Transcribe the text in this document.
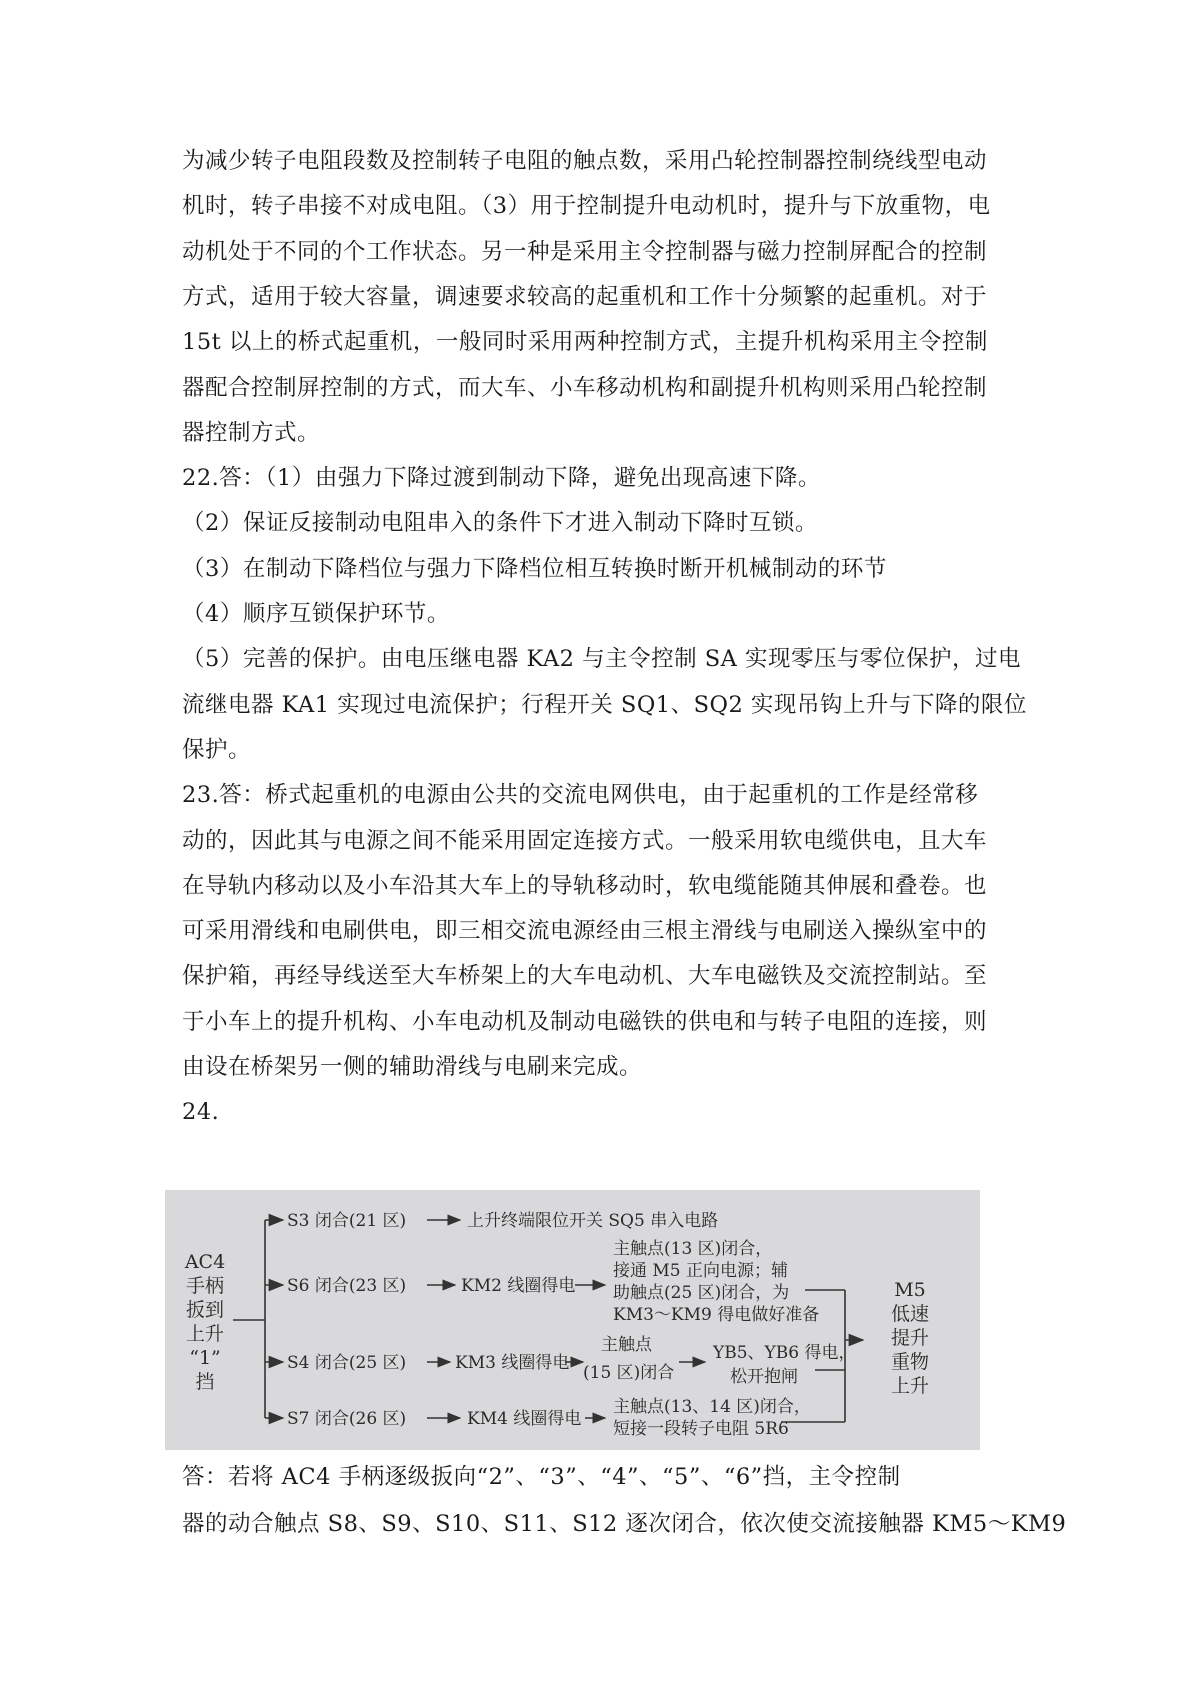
为减少转子电阻段数及控制转子电阻的触点数，采用凸轮控制器控制绕线型电动
机时，转子串接不对成电阻。（3）用于控制提升电动机时，提升与下放重物，电
动机处于不同的个工作状态。另一种是采用主令控制器与磁力控制屏配合的控制
方式，适用于较大容量，调速要求较高的起重机和工作十分频繁的起重机。对于
15t 以上的桥式起重机，一般同时采用两种控制方式，主提升机构采用主令控制
器配合控制屏控制的方式，而大车、小车移动机构和副提升机构则采用凸轮控制
器控制方式。
22.答：（1）由强力下降过渡到制动下降，避免出现高速下降。
（2）保证反接制动电阻串入的条件下才进入制动下降时互锁。
（3）在制动下降档位与强力下降档位相互转换时断开机械制动的环节
（4）顺序互锁保护环节。
（5）完善的保护。由电压继电器 KA2 与主令控制 SA 实现零压与零位保护，过电
流继电器 KA1 实现过电流保护；行程开关 SQ1、SQ2 实现吊钩上升与下降的限位
保护。
23.答：桥式起重机的电源由公共的交流电网供电，由于起重机的工作是经常移
动的，因此其与电源之间不能采用固定连接方式。一般采用软电缆供电，且大车
在导轨内移动以及小车沿其大车上的导轨移动时，软电缆能随其伸展和叠卷。也
可采用滑线和电刷供电，即三相交流电源经由三根主滑线与电刷送入操纵室中的
保护箱，再经导线送至大车桥架上的大车电动机、大车电磁铁及交流控制站。至
于小车上的提升机构、小车电动机及制动电磁铁的供电和与转子电阻的连接，则
由设在桥架另一侧的辅助滑线与电刷来完成。
24.
AC4
手柄
扳到
上升
“1”
挡
S3 闭合(21 区)	上升终端限位开关 SQ5 串入电路
S6 闭合(23 区)	KM2 线圈得电
主触点(13 区)闭合，
接通 M5 正向电源；辅
助触点(25 区)闭合，为
KM3～KM9 得电做好准备
S4 闭合(25 区)	KM3 线圈得电
主触点
(15 区)闭合
YB5、YB6 得电，
松开抱闸
S7 闭合(26 区)	KM4 线圈得电
主触点(13、14 区)闭合，
短接一段转子电阻 5R6
M5
低速
提升
重物
上升
答：若将 AC4 手柄逐级扳向“2”、“3”、“4”、“5”、“6”挡，主令控制
器的动合触点 S8、S9、S10、S11、S12 逐次闭合，依次使交流接触器 KM5～KM9
